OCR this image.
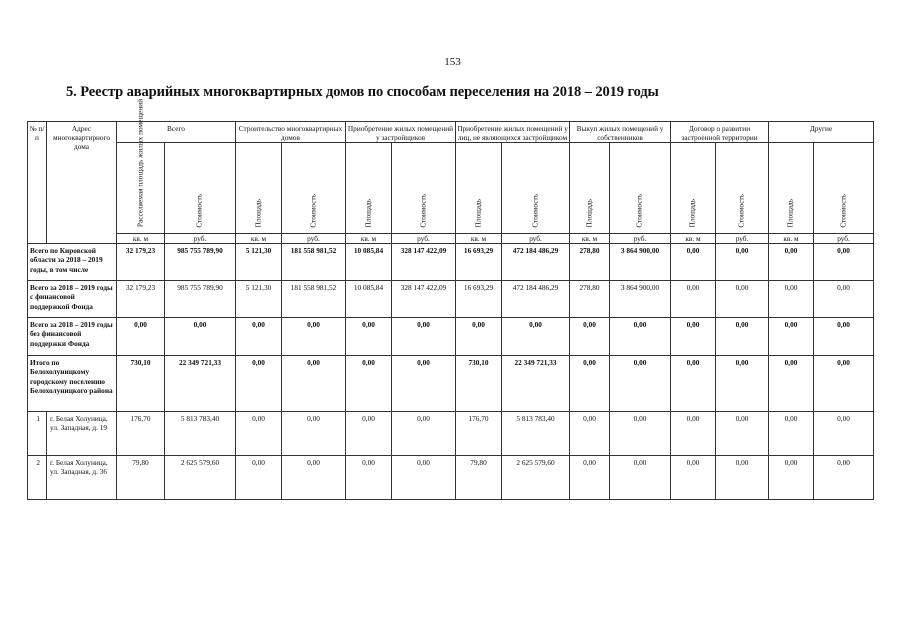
153
5. Реестр аварийных многоквартирных домов по способам переселения на 2018 – 2019 годы
№ п/п	Адрес многоквартирного дома	Всего		Строительство многоквартирных домов		Приобретение жилых помещений у застройщиков		Приобретение жилых помещений у лиц, не являющихся застройщиком		Выкуп жилых помещений у собственников		Договор о развитии застроенной территории		Другие	

		Расселяемая площадь жилых помещений	Стоимость	Площадь	Стоимость	Площадь	Стоимость	Площадь	Стоимость	Площадь	Стоимость	Площадь	Стоимость	Площадь	Стоимость

		кв. м	руб.	кв. м	руб.	кв. м	руб.	кв. м	руб.	кв. м	руб.	кв. м	руб.	кв. м	руб.
Всего по Кировской области за 2018 – 2019 годы, в том числе		32 179,23	985 755 789,90	5 121,30	181 558 981,52	10 085,84	328 147 422,09	16 693,29	472 184 486,29	278,80	3 864 900,00	0,00	0,00	0,00	0,00
Всего за 2018 – 2019 годы с финансовой поддержкой Фонда		32 179,23	985 755 789,90	5 121,30	181 558 981,52	10 085,84	328 147 422,09	16 693,29	472 184 486,29	278,80	3 864 900,00	0,00	0,00	0,00	0,00
Всего за 2018 – 2019 годы без финансовой поддержки Фонда		0,00	0,00	0,00	0,00	0,00	0,00	0,00	0,00	0,00	0,00	0,00	0,00	0,00	0,00
Итого по Белохолуницкому городскому поселению Белохолуницкого района		730,10	22 349 721,33	0,00	0,00	0,00	0,00	730,10	22 349 721,33	0,00	0,00	0,00	0,00	0,00	0,00
1	г. Белая Холуница, ул. Западная, д. 19	176,70	5 813 783,40	0,00	0,00	0,00	0,00	176,70	5 813 783,40	0,00	0,00	0,00	0,00	0,00	0,00
2	г. Белая Холуница, ул. Западная, д. 36	79,80	2 625 579,60	0,00	0,00	0,00	0,00	79,80	2 625 579,60	0,00	0,00	0,00	0,00	0,00	0,00
